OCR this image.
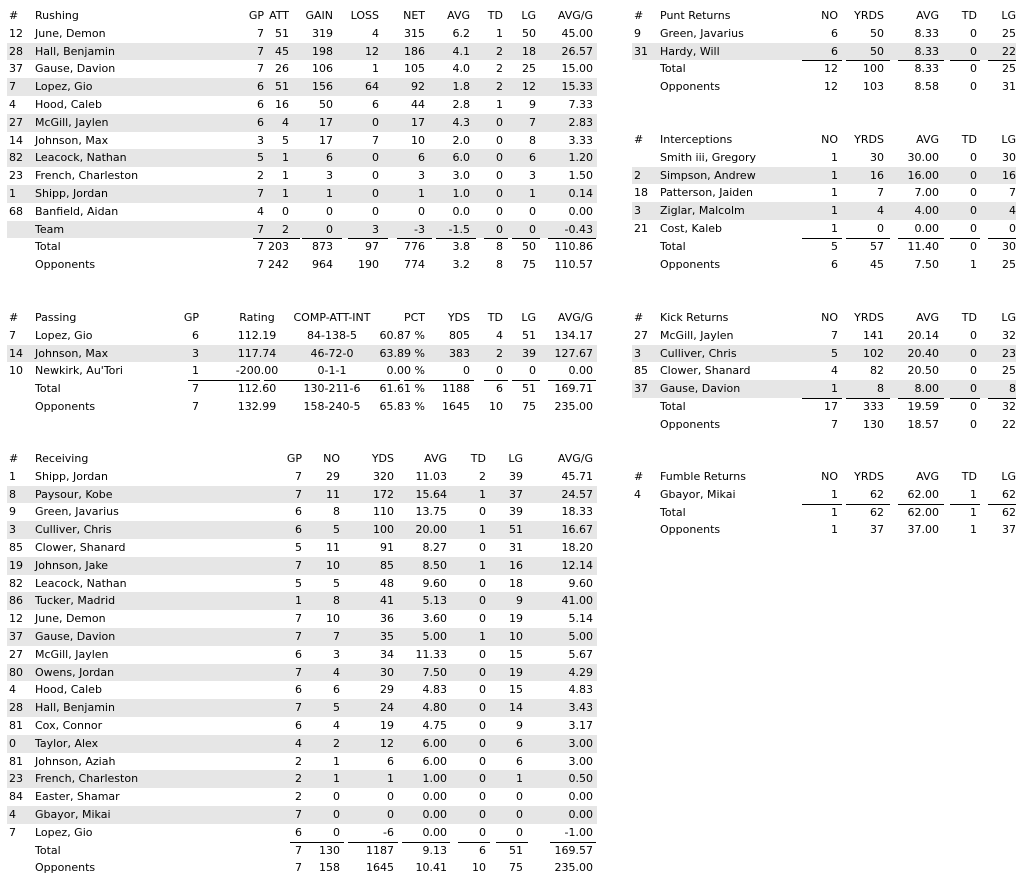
# Rushing	GP ATT GAIN LOSS NET AVG TD LG AVG/G
12 June, Demon	7 51 319	4 315	6.2 1 50 45.00
28 Hall, Benjamin	7 45 198	12 186	4.1 2 18 26.57
37 Gause, Davion	7 26 106	1 105	4.0 2 25 15.00
7 Lopez, Gio	6 51 156	64	92	1.8 2 12 15.33
4 Hood, Caleb	6 16	50	6	44	2.8 1 9	7.33
27 McGill, Jaylen	6 4	17	0	17	4.3 0 7	2.83
14 Johnson, Max	3 5	17	7	10	2.0 0 8	3.33
82 Leacock, Nathan	5 1	6	0	6	6.0 0 6	1.20
23 French, Charleston	2 1	3	0	3	3.0 0 3	1.50
1 Shipp, Jordan	7 1	1	0	1	1.0 0 1	0.14
68 Banfield, Aidan	4 0	0	0	0	0.0 0 0	0.00
Team	7 2	0	3	-3 -1.5 0 0	-0.43
Total	7 203 873	97 776	3.8 8 50 110.86
Opponents	7 242 964 190 774	3.2 8 75 110.57
# Passing	GP	Rating	COMP-ATT-INT	PCT YDS TD LG AVG/G
7 Lopez, Gio	6	112.19	84-138-5	60.87 % 805 4 51 134.17
14 Johnson, Max	3	117.74	46-72-0	63.89 % 383 2 39 127.67
10 Newkirk, Au'Tori	1	-200.00	0-1-1	0.00 %	0 0 0	0.00
Total	7	112.60	130-211-6	61.61 % 1188 6 51 169.71
Opponents	7	132.99	158-240-5	65.83 % 1645 10 75 235.00
# Receiving	GP NO	YDS	AVG TD LG	AVG/G
1 Shipp, Jordan	7 29	320 11.03	2 39	45.71
8 Paysour, Kobe	7 11	172 15.64	1 37	24.57
9 Green, Javarius	6	8	110 13.75	0 39	18.33
3 Culliver, Chris	6	5	100 20.00	1 51	16.67
85 Clower, Shanard	5 11	91	8.27	0 31	18.20
19 Johnson, Jake	7 10	85	8.50	1 16	12.14
82 Leacock, Nathan	5	5	48	9.60	0 18	9.60
86 Tucker, Madrid	1	8	41	5.13	0	9	41.00
12 June, Demon	7 10	36	3.60	0 19	5.14
37 Gause, Davion	7	7	35	5.00	1 10	5.00
27 McGill, Jaylen	6	3	34 11.33	0 15	5.67
80 Owens, Jordan	7	4	30	7.50	0 19	4.29
4 Hood, Caleb	6	6	29	4.83	0 15	4.83
28 Hall, Benjamin	7	5	24	4.80	0 14	3.43
81 Cox, Connor	6	4	19	4.75	0	9	3.17
0 Taylor, Alex	4	2	12	6.00	0	6	3.00
81 Johnson, Aziah	2	1	6	6.00	0	6	3.00
23 French, Charleston	2	1	1	1.00	0	1	0.50
84 Easter, Shamar	2	0	0	0.00	0	0	0.00
4 Gbayor, Mikai	7	0	0	0.00	0	0	0.00
7 Lopez, Gio	6	0	-6	0.00	0	0	-1.00
Total	7 130 1187	9.13	6 51	169.57
Opponents	7 158 1645 10.41 10 75	235.00
# Punt Returns	NO YRDS	AVG TD LG
9 Green, Javarius	6	50	8.33	0 25
31 Hardy, Will	6	50	8.33	0 22
Total	12 100	8.33	0 25
Opponents	12 103	8.58	0 31
# Interceptions	NO YRDS	AVG TD LG
Smith iii, Gregory	1	30 30.00	0 30
2 Simpson, Andrew	1	16 16.00	0 16
18 Patterson, Jaiden	1	7	7.00	0	7
3 Ziglar, Malcolm	1	4	4.00	0	4
21 Cost, Kaleb	1	0	0.00	0	0
Total	5	57 11.40	0 30
Opponents	6	45	7.50	1 25
# Kick Returns	NO YRDS	AVG TD LG
27 McGill, Jaylen	7 141 20.14	0 32
3 Culliver, Chris	5 102 20.40	0 23
85 Clower, Shanard	4	82 20.50	0 25
37 Gause, Davion	1	8	8.00	0	8
Total	17 333 19.59	0 32
Opponents	7 130 18.57	0 22
# Fumble Returns	NO YRDS	AVG TD LG
4 Gbayor, Mikai	1	62 62.00	1 62
Total	1	62 62.00	1 62
Opponents	1	37 37.00	1 37
